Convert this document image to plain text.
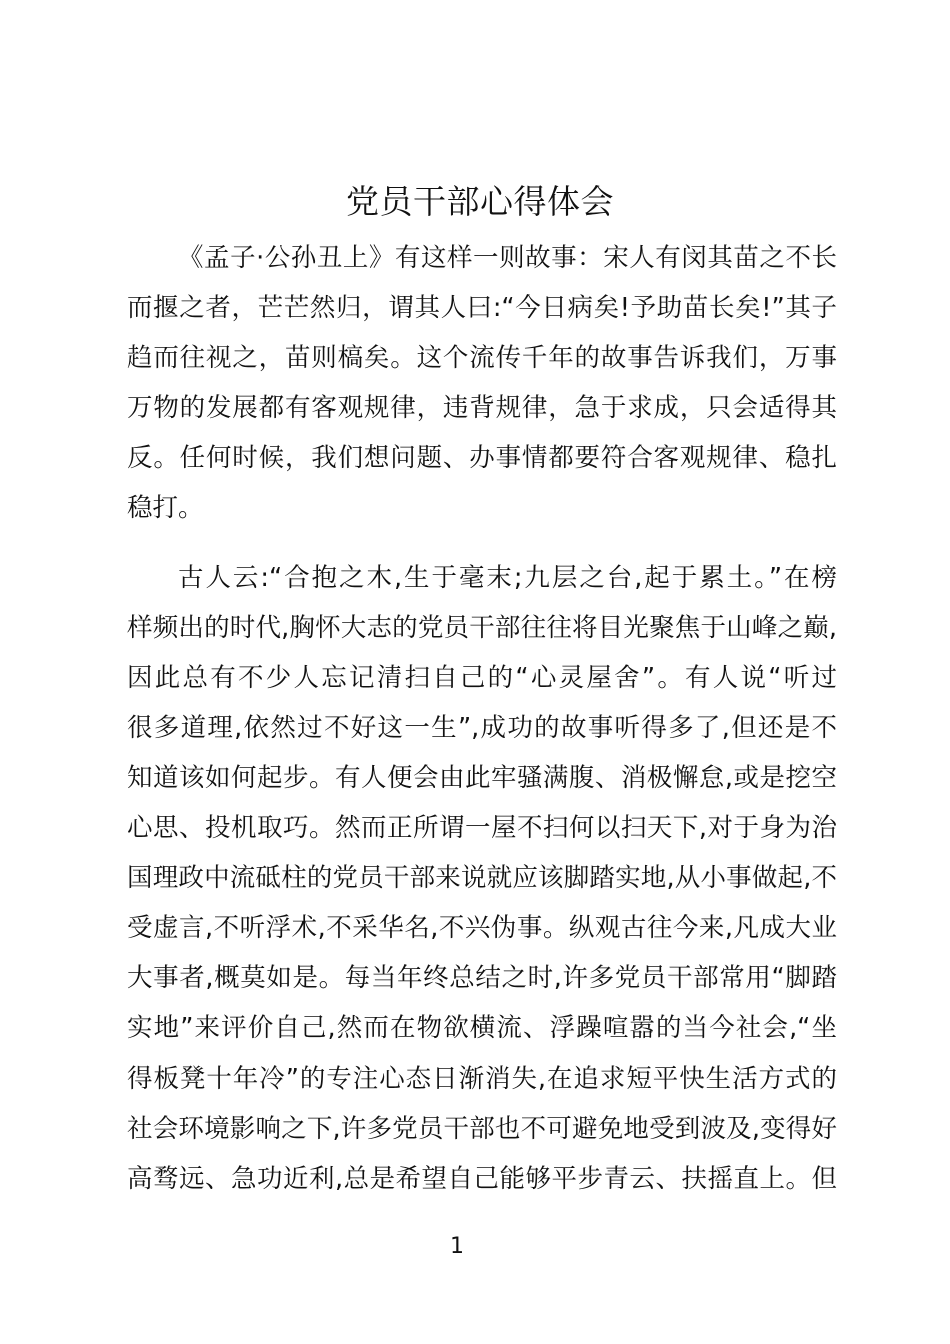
党员干部心得体会
《孟子·公孙丑上》有这样一则故事：宋人有闵其苗之不长
而揠之者，芒芒然归，谓其人曰:“今日病矣!予助苗长矣!”其子
趋而往视之，苗则槁矣。这个流传千年的故事告诉我们，万事
万物的发展都有客观规律，违背规律，急于求成，只会适得其
反。任何时候，我们想问题、办事情都要符合客观规律、稳扎
稳打。
古人云:“合抱之木,生于毫末;九层之台,起于累土。”在榜
样频出的时代,胸怀大志的党员干部往往将目光聚焦于山峰之巅,
因此总有不少人忘记清扫自己的“心灵屋舍”。有人说“听过
很多道理,依然过不好这一生”,成功的故事听得多了,但还是不
知道该如何起步。有人便会由此牢骚满腹、消极懈怠,或是挖空
心思、投机取巧。然而正所谓一屋不扫何以扫天下,对于身为治
国理政中流砥柱的党员干部来说就应该脚踏实地,从小事做起,不
受虚言,不听浮术,不采华名,不兴伪事。纵观古往今来,凡成大业
大事者,概莫如是。每当年终总结之时,许多党员干部常用“脚踏
实地”来评价自己,然而在物欲横流、浮躁喧嚣的当今社会,“坐
得板凳十年冷”的专注心态日渐消失,在追求短平快生活方式的
社会环境影响之下,许多党员干部也不可避免地受到波及,变得好
高骛远、急功近利,总是希望自己能够平步青云、扶摇直上。但
1
